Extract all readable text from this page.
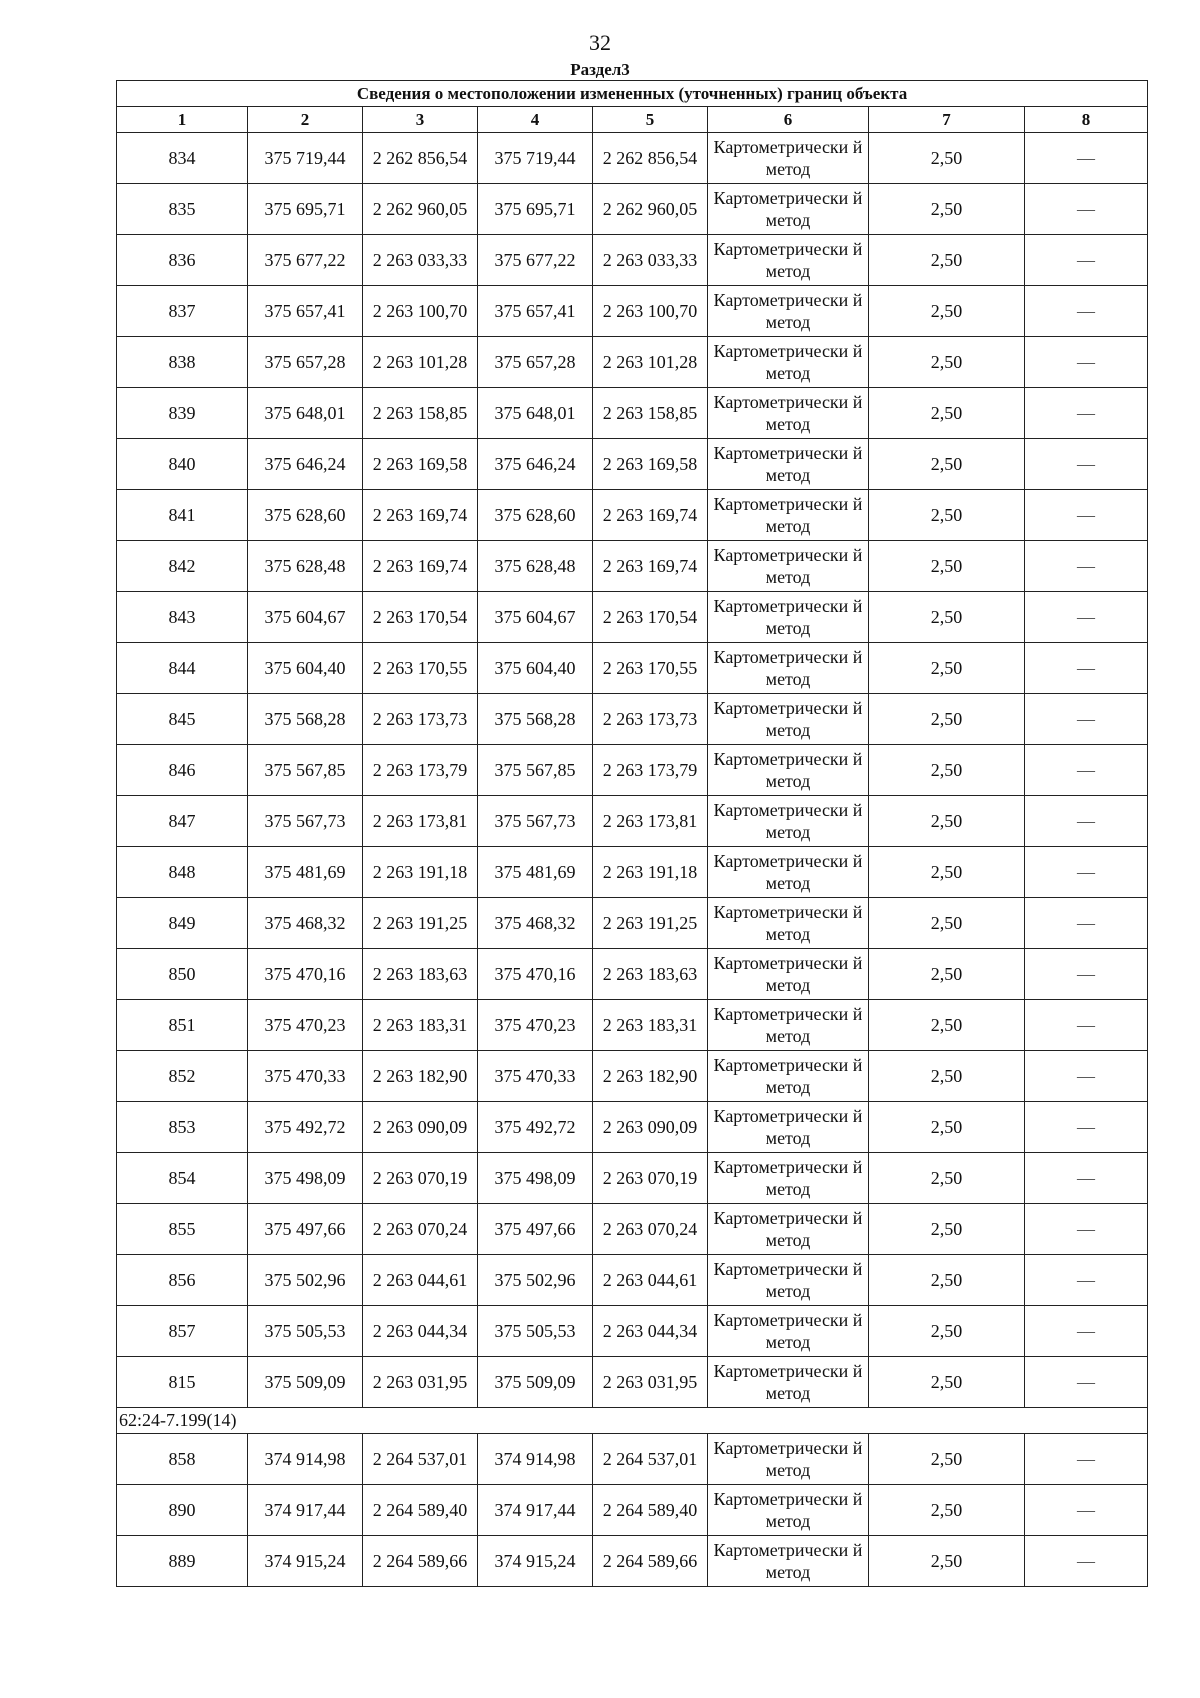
32
Раздел3
Сведения о местоположении измененных (уточненных) границ объекта							
1	2	3	4	5	6	7	8
834	375 719,44	2 262 856,54	375 719,44	2 262 856,54	Картометрически й метод	2,50	—
835	375 695,71	2 262 960,05	375 695,71	2 262 960,05	Картометрически й метод	2,50	—
836	375 677,22	2 263 033,33	375 677,22	2 263 033,33	Картометрически й метод	2,50	—
837	375 657,41	2 263 100,70	375 657,41	2 263 100,70	Картометрически й метод	2,50	—
838	375 657,28	2 263 101,28	375 657,28	2 263 101,28	Картометрически й метод	2,50	—
839	375 648,01	2 263 158,85	375 648,01	2 263 158,85	Картометрически й метод	2,50	—
840	375 646,24	2 263 169,58	375 646,24	2 263 169,58	Картометрически й метод	2,50	—
841	375 628,60	2 263 169,74	375 628,60	2 263 169,74	Картометрически й метод	2,50	—
842	375 628,48	2 263 169,74	375 628,48	2 263 169,74	Картометрически й метод	2,50	—
843	375 604,67	2 263 170,54	375 604,67	2 263 170,54	Картометрически й метод	2,50	—
844	375 604,40	2 263 170,55	375 604,40	2 263 170,55	Картометрически й метод	2,50	—
845	375 568,28	2 263 173,73	375 568,28	2 263 173,73	Картометрически й метод	2,50	—
846	375 567,85	2 263 173,79	375 567,85	2 263 173,79	Картометрически й метод	2,50	—
847	375 567,73	2 263 173,81	375 567,73	2 263 173,81	Картометрически й метод	2,50	—
848	375 481,69	2 263 191,18	375 481,69	2 263 191,18	Картометрически й метод	2,50	—
849	375 468,32	2 263 191,25	375 468,32	2 263 191,25	Картометрически й метод	2,50	—
850	375 470,16	2 263 183,63	375 470,16	2 263 183,63	Картометрически й метод	2,50	—
851	375 470,23	2 263 183,31	375 470,23	2 263 183,31	Картометрически й метод	2,50	—
852	375 470,33	2 263 182,90	375 470,33	2 263 182,90	Картометрически й метод	2,50	—
853	375 492,72	2 263 090,09	375 492,72	2 263 090,09	Картометрически й метод	2,50	—
854	375 498,09	2 263 070,19	375 498,09	2 263 070,19	Картометрически й метод	2,50	—
855	375 497,66	2 263 070,24	375 497,66	2 263 070,24	Картометрически й метод	2,50	—
856	375 502,96	2 263 044,61	375 502,96	2 263 044,61	Картометрически й метод	2,50	—
857	375 505,53	2 263 044,34	375 505,53	2 263 044,34	Картометрически й метод	2,50	—
815	375 509,09	2 263 031,95	375 509,09	2 263 031,95	Картометрически й метод	2,50	—
62:24-7.199(14)							
858	374 914,98	2 264 537,01	374 914,98	2 264 537,01	Картометрически й метод	2,50	—
890	374 917,44	2 264 589,40	374 917,44	2 264 589,40	Картометрически й метод	2,50	—
889	374 915,24	2 264 589,66	374 915,24	2 264 589,66	Картометрически й метод	2,50	—
